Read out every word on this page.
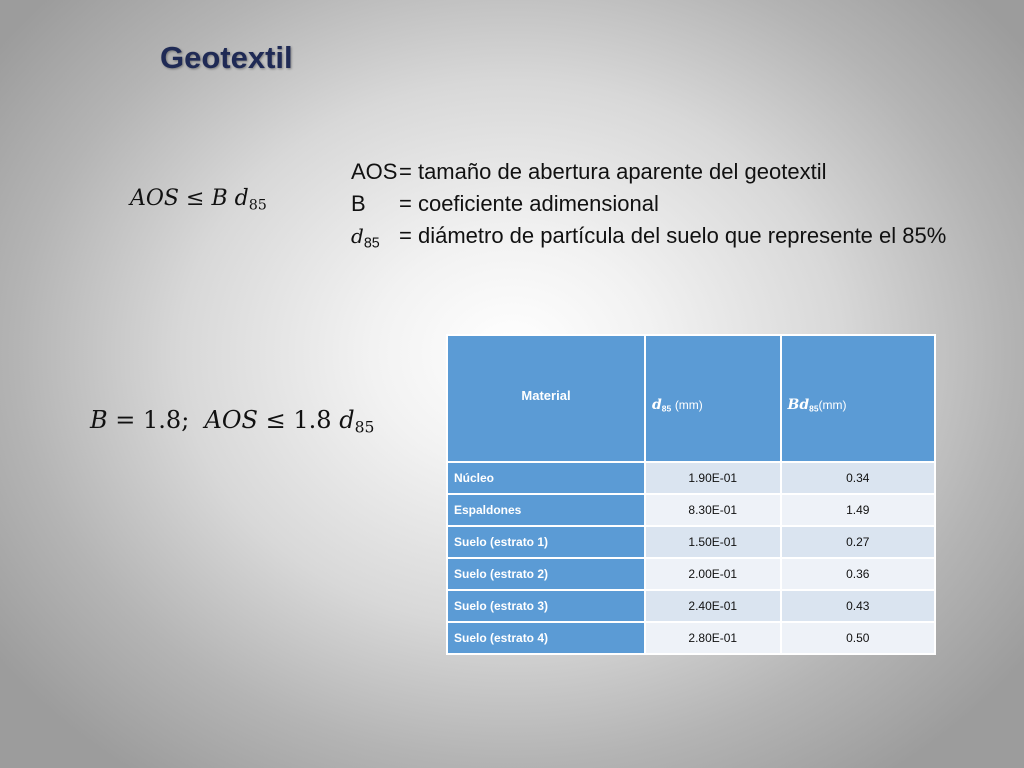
Geotextil
AOS ≤ B $d_{85}$
AOS = tamaño de abertura aparente del geotextil
B	= coeficiente adimensional
$d_{85}$ = diámetro de partícula del suelo que represente el 85%
B = 1.8; AOS ≤ 1.8 $d_{85}$
Material	$d_{85}$ (mm)	$Bd_{85}(mm)$
Núcleo	1.90E-01	0.34
Espaldones	8.30E-01	1.49
Suelo (estrato 1)	1.50E-01	0.27
Suelo (estrato 2)	2.00E-01	0.36
Suelo (estrato 3)	2.40E-01	0.43
Suelo (estrato 4)	2.80E-01	0.50
